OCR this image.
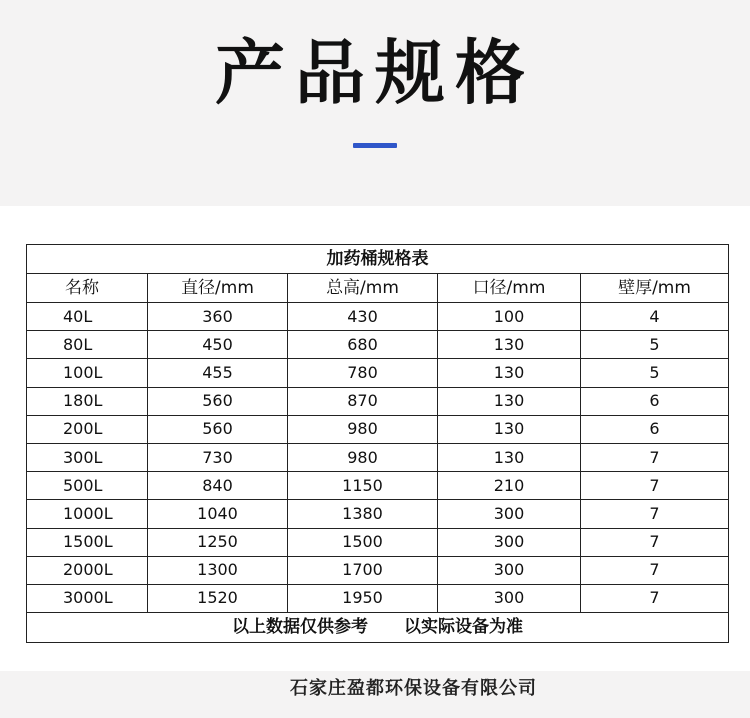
产品规格
加药桶规格表				
名称	直径/mm	总高/mm	口径/mm	壁厚/mm
40L	360	430	100	4
80L	450	680	130	5
100L	455	780	130	5
180L	560	870	130	6
200L	560	980	130	6
300L	730	980	130	7
500L	840	1150	210	7
1000L	1040	1380	300	7
1500L	1250	1500	300	7
2000L	1300	1700	300	7
3000L	1520	1950	300	7
以上数据仅供参考 以实际设备为准				
石家庄盈都环保设备有限公司
